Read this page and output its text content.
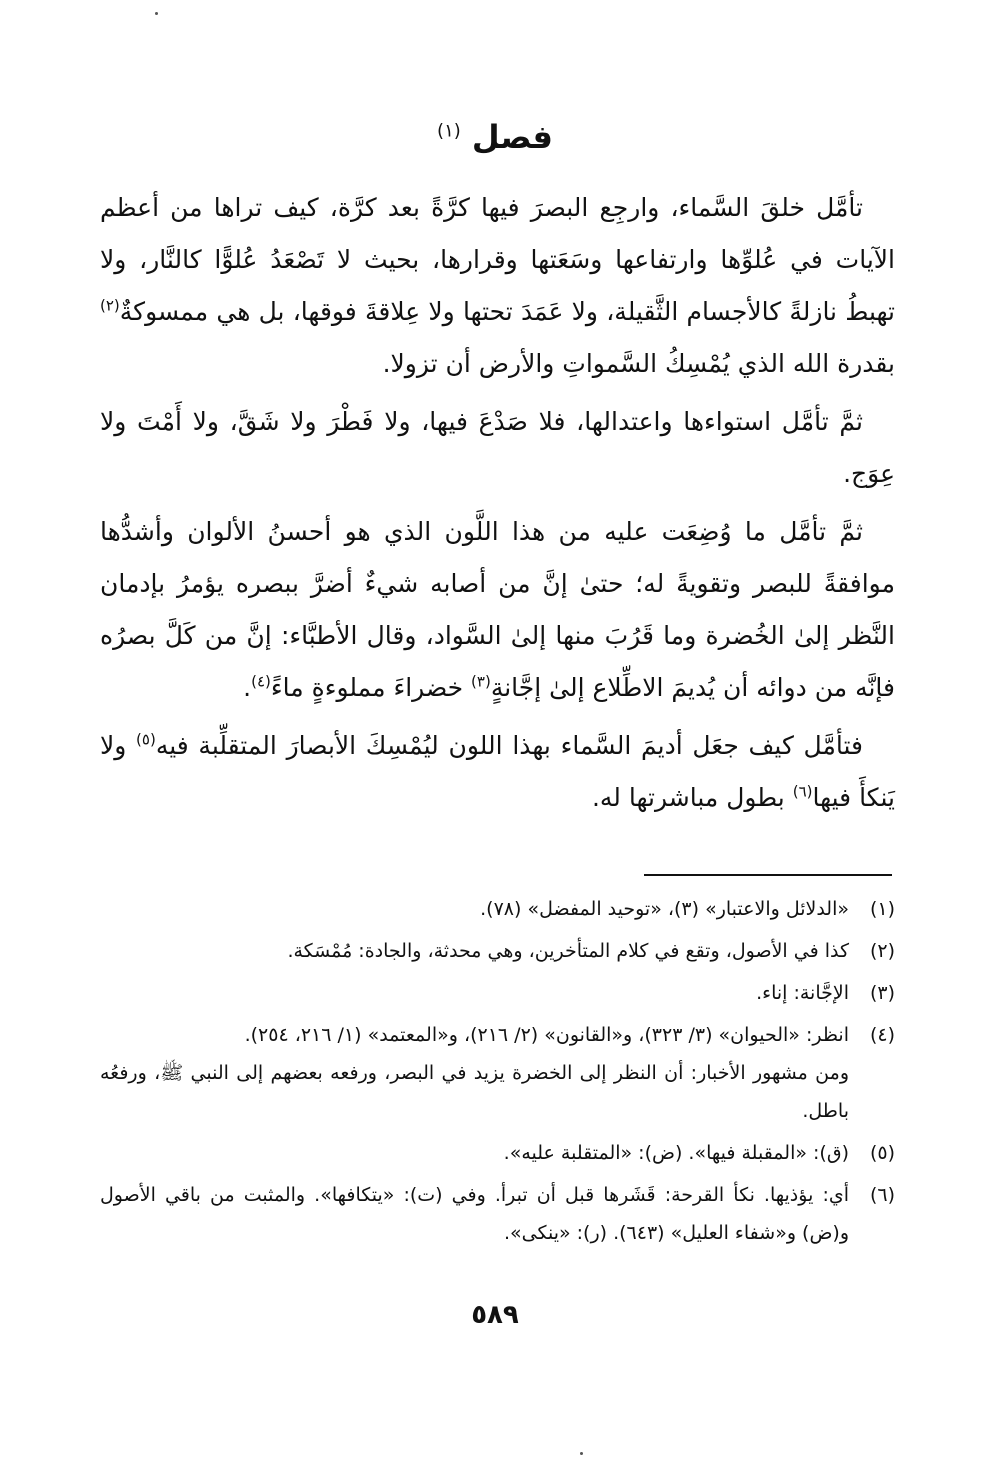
فصل $^{(١)}$

تأمَّل خلقَ السَّماء، وارجِع البصرَ فيها كرَّةً بعد كرَّة، كيف تراها من أعظم الآيات في عُلوِّها وارتفاعها وسَعَتها وقرارها، بحيث لا تَصْعَدُ عُلوًّا كالنَّار، ولا تهبطُ نازلةً كالأجسام الثَّقيلة، ولا عَمَدَ تحتها ولا عِلاقةَ فوقها، بل هي ممسوكةٌ$^{(٢)}$ بقدرة الله الذي يُمْسِكُ السَّمواتِ والأرض أن تزولا.

ثمَّ تأمَّل استواءها واعتدالها، فلا صَدْعَ فيها، ولا فَطْرَ ولا شَقَّ، ولا أَمْتَ ولا عِوَج.

ثمَّ تأمَّل ما وُضِعَت عليه من هذا اللَّون الذي هو أحسنُ الألوان وأشدُّها موافقةً للبصر وتقويةً له؛ حتىٰ إنَّ من أصابه شيءٌ أضرَّ ببصره يؤمرُ بإدمان النَّظر إلىٰ الخُضرة وما قَرُبَ منها إلىٰ السَّواد، وقال الأطبَّاء: إنَّ من كَلَّ بصرُه فإنَّه من دوائه أن يُديمَ الاطِّلاع إلىٰ إجَّانةٍ$^{(٣)}$ خضراءَ مملوءةٍ ماءً$^{(٤)}$.

فتأمَّل كيف جعَل أديمَ السَّماء بهذا اللون ليُمْسِكَ الأبصارَ المتقلِّبة فيه$^{(٥)}$ ولا يَنكأَ فيها$^{(٦)}$ بطول مباشرتها له.

(١)
«الدلائل والاعتبار» (٣)، «توحيد المفضل» (٧٨).
(٢)
كذا في الأصول، وتقع في كلام المتأخرين، وهي محدثة، والجادة: مُمْسَكة.
(٣)
الإجَّانة: إناء.
(٤)
انظر: «الحيوان» (٣/ ٣٢٣)، و«القانون» (٢/ ٢١٦)، و«المعتمد» (١/ ٢١٦، ٢٥٤).
ومن مشهور الأخبار: أن النظر إلى الخضرة يزيد في البصر، ورفعه بعضهم إلى النبي ﷺ، ورفعُه باطل.
(٥)
(ق): «المقبلة فيها». (ض): «المتقلبة عليه».
(٦)
أي: يؤذيها. نكأ القرحة: قَشَرها قبل أن تبرأ. وفي (ت): «يتكافها». والمثبت من باقي الأصول و(ض) و«شفاء العليل» (٦٤٣). (ر): «ينكى».
٥٨٩
